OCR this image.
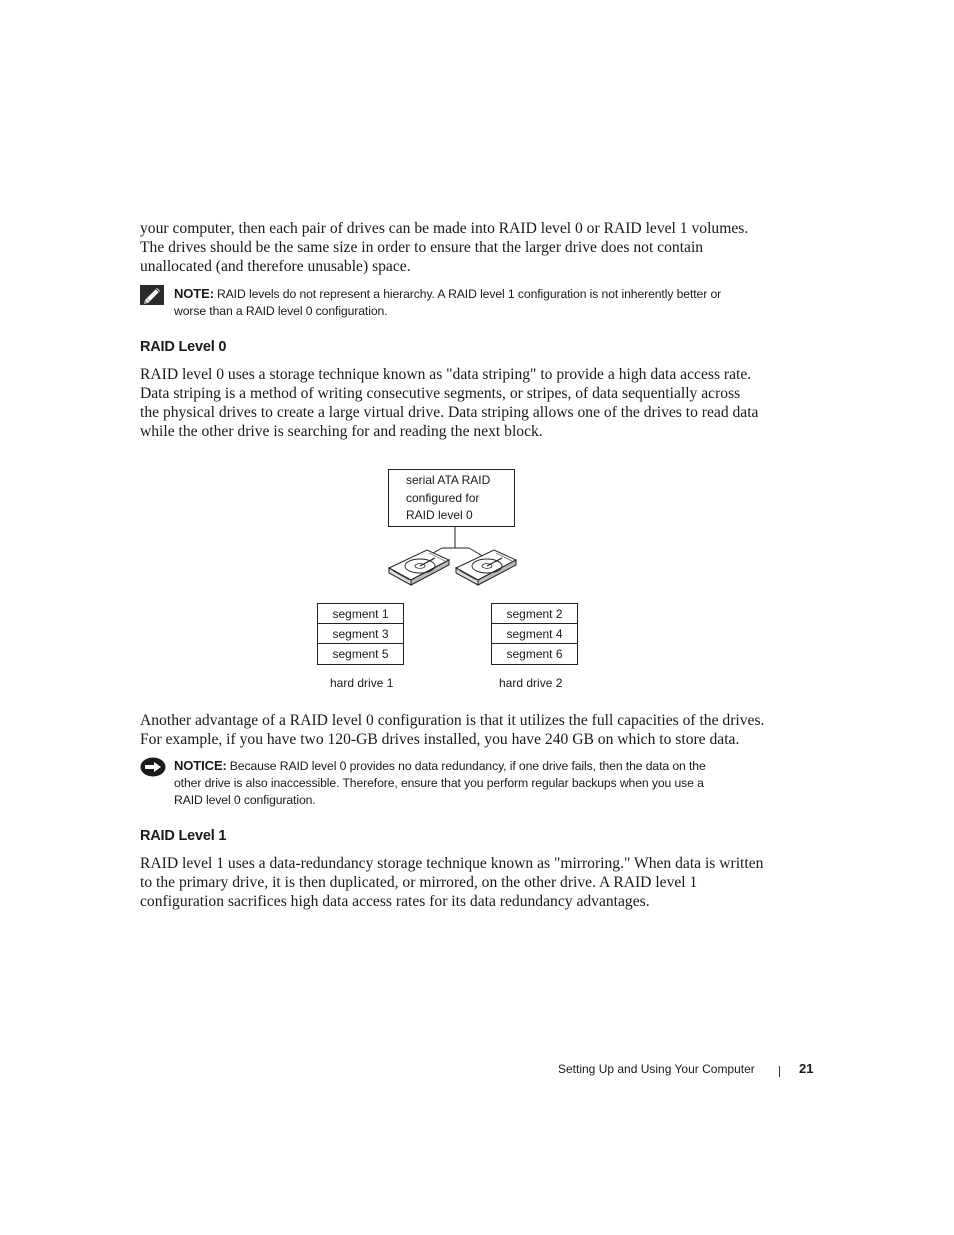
your computer, then each pair of drives can be made into RAID level 0 or RAID level 1 volumes.
The drives should be the same size in order to ensure that the larger drive does not contain
unallocated (and therefore unusable) space.

NOTE: RAID levels do not represent a hierarchy. A RAID level 1 configuration is not inherently better or
worse than a RAID level 0 configuration.
RAID Level 0

RAID level 0 uses a storage technique known as "data striping" to provide a high data access rate.
Data striping is a method of writing consecutive segments, or stripes, of data sequentially across
the physical drives to create a large virtual drive. Data striping allows one of the drives to read data
while the other drive is searching for and reading the next block.

serial ATA RAID
configured for
RAID level 0
segment 1
segment 3
segment 5
segment 2
segment 4
segment 6
hard drive 1	hard drive 2

Another advantage of a RAID level 0 configuration is that it utilizes the full capacities of the drives.
For example, if you have two 120-GB drives installed, you have 240 GB on which to store data.

NOTICE: Because RAID level 0 provides no data redundancy, if one drive fails, then the data on the
other drive is also inaccessible. Therefore, ensure that you perform regular backups when you use a
RAID level 0 configuration.
RAID Level 1

RAID level 1 uses a data-redundancy storage technique known as "mirroring." When data is written
to the primary drive, it is then duplicated, or mirrored, on the other drive. A RAID level 1
configuration sacrifices high data access rates for its data redundancy advantages.

Setting Up and Using Your Computer	21
